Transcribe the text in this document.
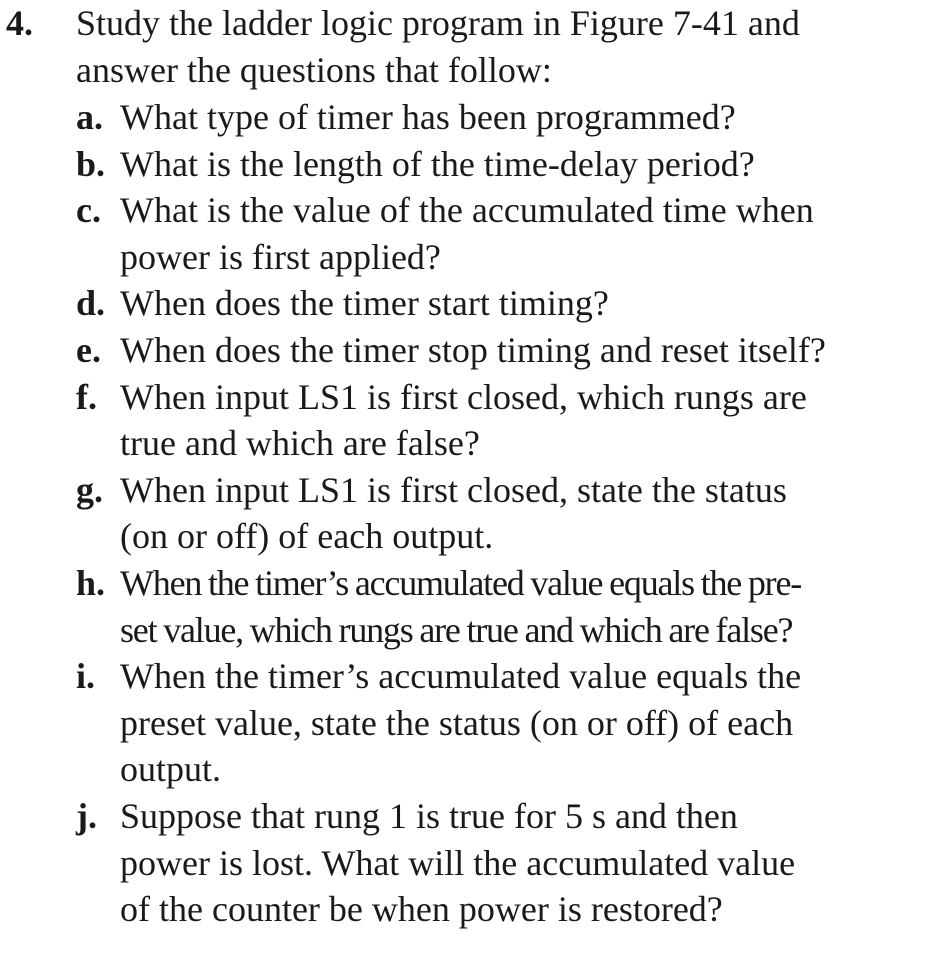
4. Study the ladder logic program in Figure 7-41 and
answer the questions that follow:
a. What type of timer has been programmed?
b. What is the length of the time-delay period?
c. What is the value of the accumulated time when
power is first applied?
d. When does the timer start timing?
e. When does the timer stop timing and reset itself?
f. When input LS1 is first closed, which rungs are
true and which are false?
g. When input LS1 is first closed, state the status
(on or off) of each output.
h. When the timer’s accumulated value equals the pre-
set value, which rungs are true and which are false?
i. When the timer’s accumulated value equals the
preset value, state the status (on or off) of each
output.
j. Suppose that rung 1 is true for 5 s and then
power is lost. What will the accumulated value
of the counter be when power is restored?
